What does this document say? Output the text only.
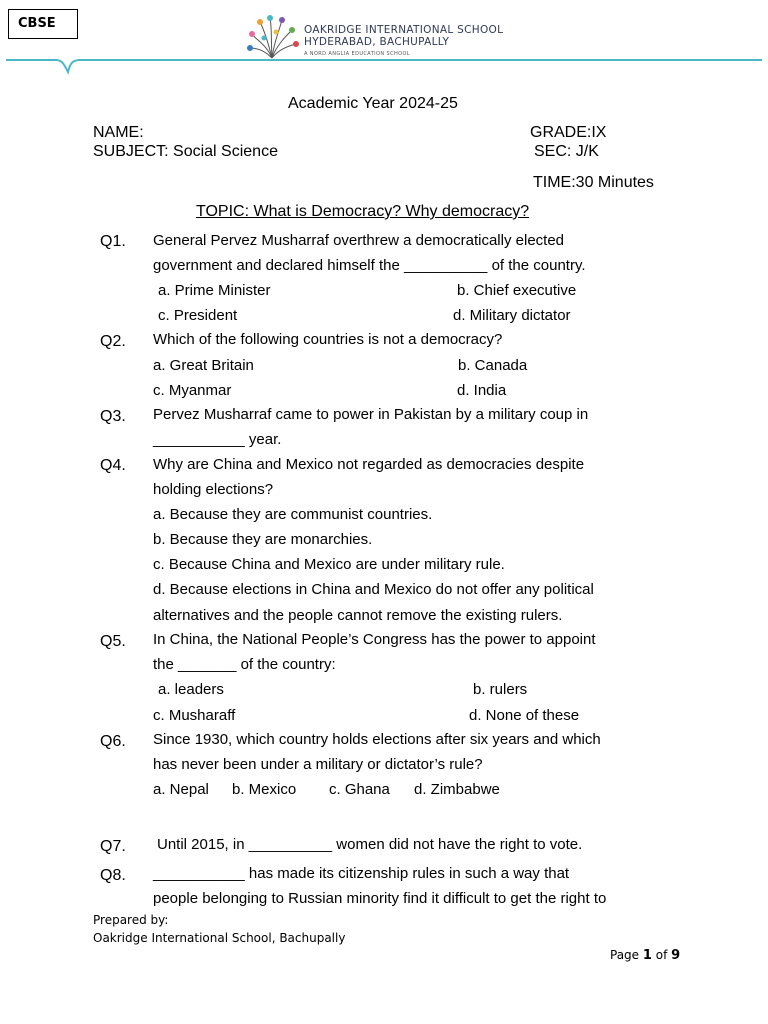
CBSE	OAKRIDGE INTERNATIONAL SCHOOL
HYDERABAD, BACHUPALLY
A NORD ANGLIA EDUCATION SCHOOL
Academic Year 2024-25
NAME:	GRADE:IX
SUBJECT: Social Science	SEC: J/K
TIME:30 Minutes
TOPIC: What is Democracy? Why democracy?
Q1. General Pervez Musharraf overthrew a democratically elected
government and declared himself the __________ of the country.
a. Prime Minister	b. Chief executive
c. President	d. Military dictator
Q2. Which of the following countries is not a democracy?
a. Great Britain	b. Canada
c. Myanmar	d. India
Q3. Pervez Musharraf came to power in Pakistan by a military coup in
___________ year.
Q4. Why are China and Mexico not regarded as democracies despite
holding elections?
a. Because they are communist countries.
b. Because they are monarchies.
c. Because China and Mexico are under military rule.
d. Because elections in China and Mexico do not offer any political
alternatives and the people cannot remove the existing rulers.
Q5. In China, the National People’s Congress has the power to appoint
the _______ of the country:
a. leaders	b. rulers
c. Musharaff	d. None of these
Q6. Since 1930, which country holds elections after six years and which
has never been under a military or dictator’s rule?
a. Nepal b. Mexico c. Ghana d. Zimbabwe
Q7. Until 2015, in __________ women did not have the right to vote.
Q8. ___________ has made its citizenship rules in such a way that
people belonging to Russian minority find it difficult to get the right to
Prepared by:
Oakridge International School, Bachupally
Page 1 of 9
